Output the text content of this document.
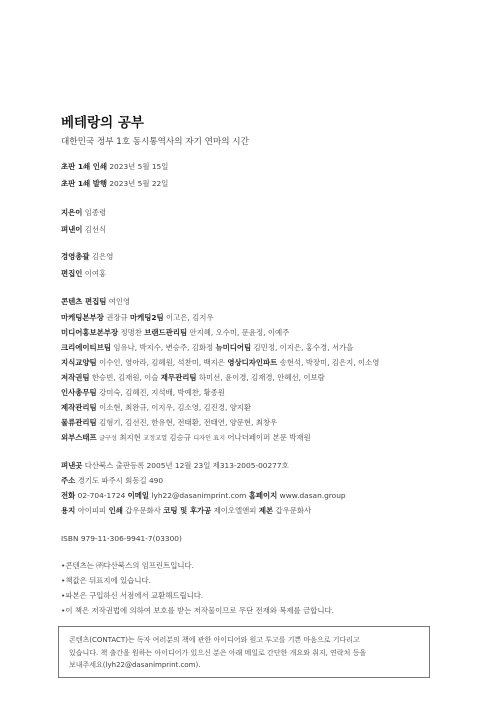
베테랑의 공부

대한민국 정부 1호 동시통역사의 자기 연마의 시간

초판 1쇄 인쇄 2023년 5월 15일
초판 1쇄 발행 2023년 5월 22일
지은이 임종령
펴낸이 김선식
경영총괄 김은영
편집인 이여홍
콘텐츠 편집팀 여인영
마케팅본부장 권장규 마케팅2팀 이고은, 김지우
미디어홍보본부장 정명찬 브랜드관리팀 안지혜, 오수미, 문윤정, 이예주
크리에이티브팀 임유나, 박지수, 변승주, 김화정 뉴미디어팀 김민정, 이지은, 홍수경, 서가을
지식교양팀 이수인, 염아라, 김혜원, 석찬미, 백지은 영상디자인파트 송현석, 박장미, 김은지, 이소영
저작권팀 한승빈, 김재원, 이슬 재무관리팀 하미선, 윤이경, 김재경, 안혜선, 이보람
인사총무팀 강미숙, 김혜진, 지석배, 박예찬, 황종원
제작관리팀 이소현, 최완규, 이지우, 김소영, 김진경, 양지환
물류관리팀 김형기, 김선진, 한유현, 전태환, 전태연, 양문현, 최창우
외부스태프 글구성 최지현 교정교열 김승규 디자인 표지 어나더페이퍼 본문 박재원
펴낸곳 다산북스 출판등록 2005년 12월 23일 제313-2005-00277호
주소 경기도 파주시 회동길 490
전화 02-704-1724 이메일 lyh22@dasanimprint.com 홈페이지 www.dasan.group
용지 아이피피 인쇄 갑우문화사 코팅 및 후가공 제이오엘앤피 제본 갑우문화사
ISBN 979-11-306-9941-7(03300)
•콘텐츠는 ㈜다산북스의 임프린트입니다.
•책값은 뒤표지에 있습니다.
•파본은 구입하신 서점에서 교환해드립니다.
•이 책은 저작권법에 의하여 보호를 받는 저작물이므로 무단 전재와 복제를 금합니다.
콘텐츠(CONTACT)는 독자 여러분의 책에 관한 아이디어와 원고 투고를 기쁜 마음으로 기다리고
있습니다. 책 출간을 원하는 아이디어가 있으신 분은 아래 메일로 간단한 개요와 취지, 연락처 등을
보내주세요(lyh22@dasanimprint.com).
